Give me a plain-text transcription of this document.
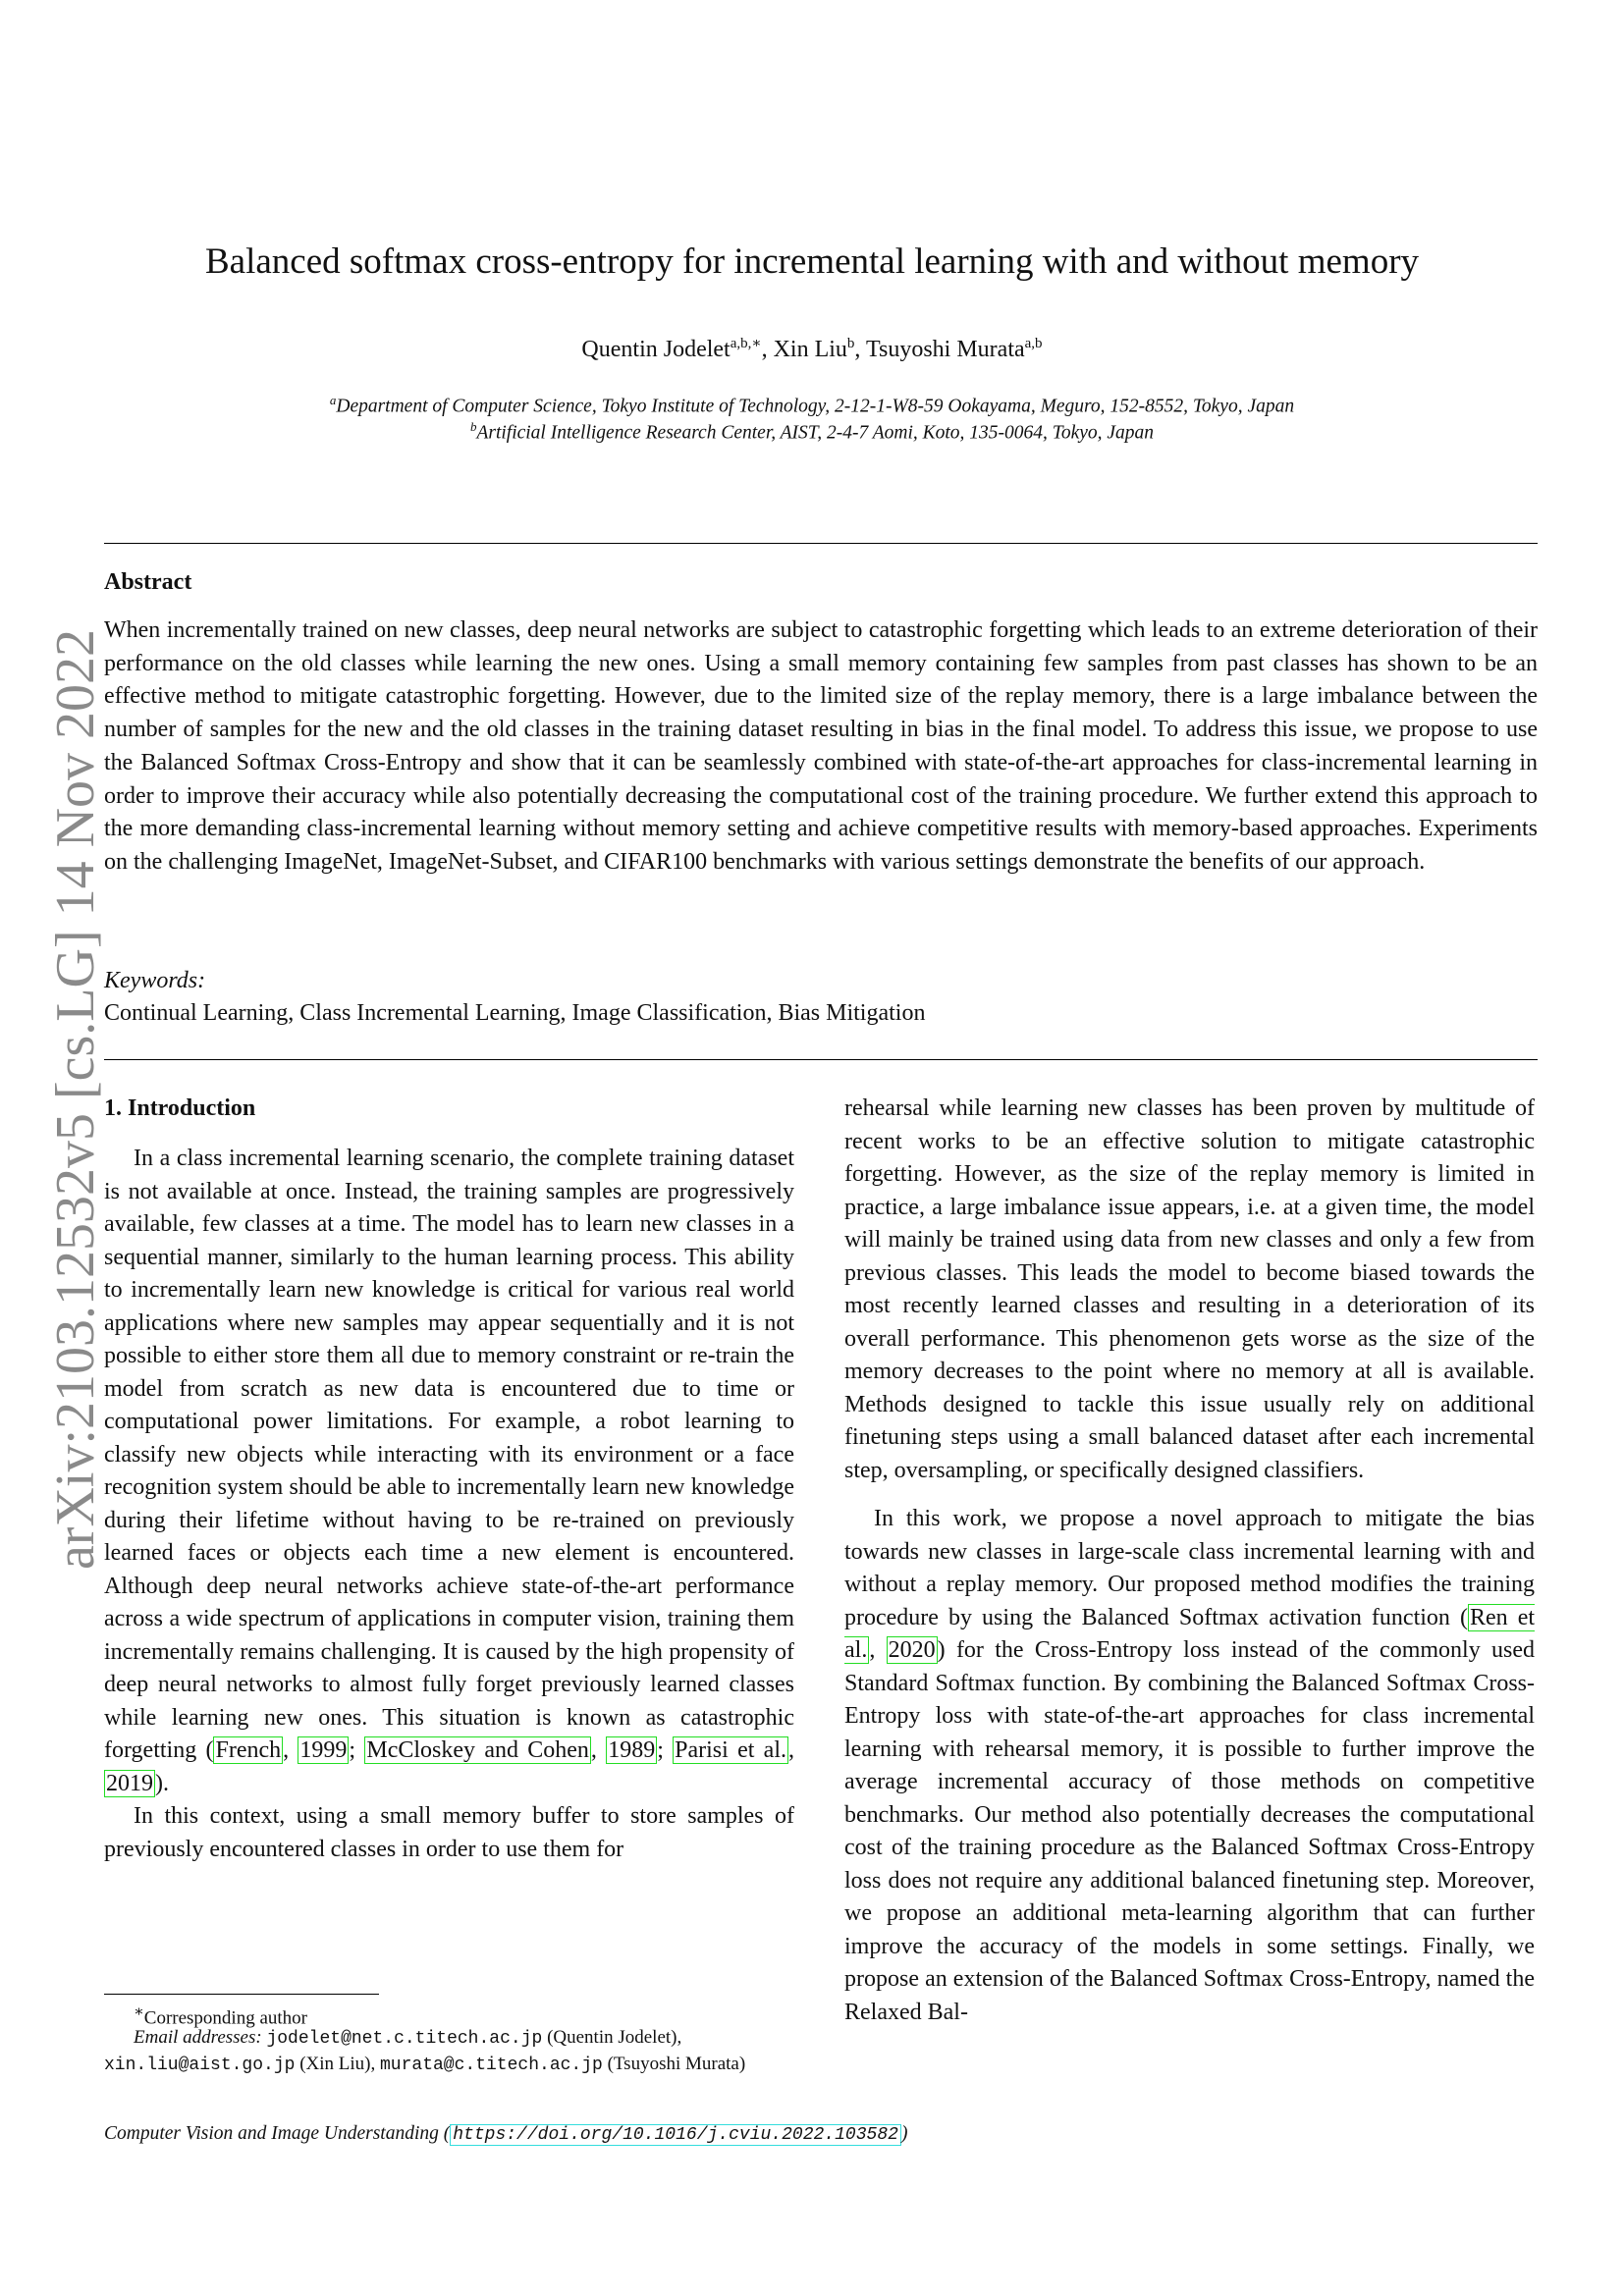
arXiv:2103.12532v5 [cs.LG] 14 Nov 2022
Balanced softmax cross-entropy for incremental learning with and without memory
Quentin Jodelet$^{a,b,∗}$, Xin Liu$^b$, Tsuyoshi Murata$^{a,b}$
$^a$Department of Computer Science, Tokyo Institute of Technology, 2-12-1-W8-59 Ookayama, Meguro, 152-8552, Tokyo, Japan
$^b$Artificial Intelligence Research Center, AIST, 2-4-7 Aomi, Koto, 135-0064, Tokyo, Japan
Abstract

When incrementally trained on new classes, deep neural networks are subject to catastrophic forgetting which leads to an extreme deterioration of their performance on the old classes while learning the new ones. Using a small memory containing few samples from past classes has shown to be an effective method to mitigate catastrophic forgetting. However, due to the limited size of the replay memory, there is a large imbalance between the number of samples for the new and the old classes in the training dataset resulting in bias in the final model. To address this issue, we propose to use the Balanced Softmax Cross-Entropy and show that it can be seamlessly combined with state-of-the-art approaches for class-incremental learning in order to improve their accuracy while also potentially decreasing the computational cost of the training procedure. We further extend this approach to the more demanding class-incremental learning without memory setting and achieve competitive results with memory-based approaches. Experiments on the challenging ImageNet, ImageNet-Subset, and CIFAR100 benchmarks with various settings demonstrate the benefits of our approach.

Keywords:
Continual Learning, Class Incremental Learning, Image Classification, Bias Mitigation
1. Introduction

In a class incremental learning scenario, the complete training dataset is not available at once. Instead, the training samples are progressively available, few classes at a time. The model has to learn new classes in a sequential manner, similarly to the human learning process. This ability to incrementally learn new knowledge is critical for various real world applications where new samples may appear sequentially and it is not possible to either store them all due to memory constraint or re-train the model from scratch as new data is encountered due to time or computational power limitations. For example, a robot learning to classify new objects while interacting with its environment or a face recognition system should be able to incrementally learn new knowledge during their lifetime without having to be re-trained on previously learned faces or objects each time a new element is encountered. Although deep neural networks achieve state-of-the-art performance across a wide spectrum of applications in computer vision, training them incrementally remains challenging. It is caused by the high propensity of deep neural networks to almost fully forget previously learned classes while learning new ones. This situation is known as catastrophic forgetting (French, 1999; McCloskey and Cohen, 1989; Parisi et al., 2019).

In this context, using a small memory buffer to store samples of previously encountered classes in order to use them for

rehearsal while learning new classes has been proven by multitude of recent works to be an effective solution to mitigate catastrophic forgetting. However, as the size of the replay memory is limited in practice, a large imbalance issue appears, i.e. at a given time, the model will mainly be trained using data from new classes and only a few from previous classes. This leads the model to become biased towards the most recently learned classes and resulting in a deterioration of its overall performance. This phenomenon gets worse as the size of the memory decreases to the point where no memory at all is available. Methods designed to tackle this issue usually rely on additional finetuning steps using a small balanced dataset after each incremental step, oversampling, or specifically designed classifiers.

In this work, we propose a novel approach to mitigate the bias towards new classes in large-scale class incremental learning with and without a replay memory. Our proposed method modifies the training procedure by using the Balanced Softmax activation function (Ren et al., 2020) for the Cross-Entropy loss instead of the commonly used Standard Softmax function. By combining the Balanced Softmax Cross-Entropy loss with state-of-the-art approaches for class incremental learning with rehearsal memory, it is possible to further improve the average incremental accuracy of those methods on competitive benchmarks. Our method also potentially decreases the computational cost of the training procedure as the Balanced Softmax Cross-Entropy loss does not require any additional balanced finetuning step. Moreover, we propose an additional meta-learning algorithm that can further improve the accuracy of the models in some settings. Finally, we propose an extension of the Balanced Softmax Cross-Entropy, named the Relaxed Bal-

∗Corresponding author
Email addresses: jodelet@net.c.titech.ac.jp (Quentin Jodelet), xin.liu@aist.go.jp (Xin Liu), murata@c.titech.ac.jp (Tsuyoshi Murata)
Computer Vision and Image Understanding ( https://doi.org/10.1016/j.cviu.2022.103582 )
